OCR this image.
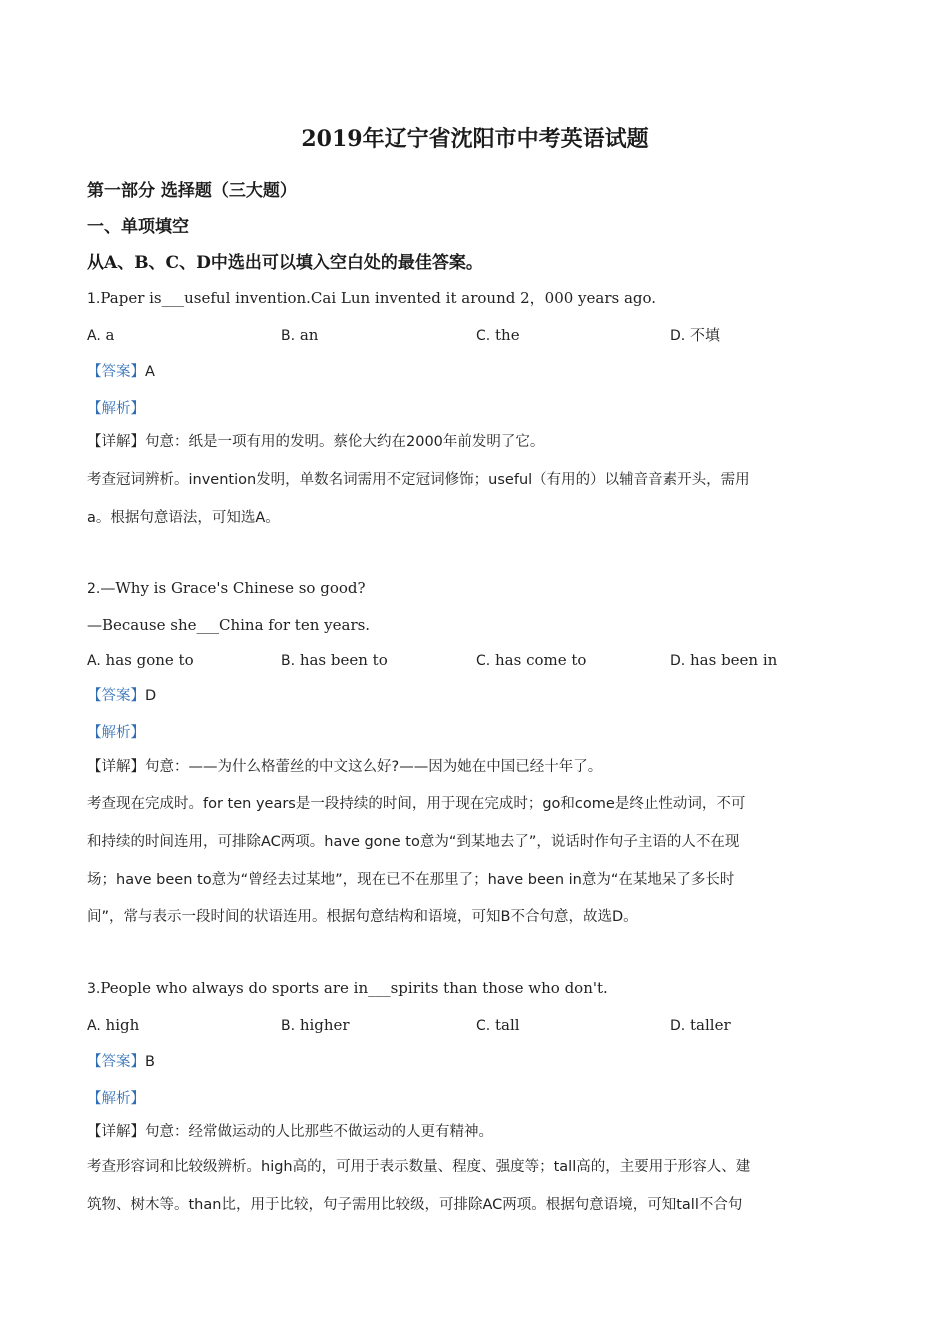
2019年辽宁省沈阳市中考英语试题
第一部分 选择题（三大题）
一、单项填空
从A、B、C、D中选出可以填入空白处的最佳答案。
1.Paper is___useful invention.Cai Lun invented it around 2，000 years ago.
A. a	B. an	C. the	D. 不填
【答案】A
【解析】
【详解】句意：纸是一项有用的发明。蔡伦大约在2000年前发明了它。
考查冠词辨析。invention发明，单数名词需用不定冠词修饰；useful（有用的）以辅音音素开头，需用
a。根据句意语法，可知选A。
2.—Why is Grace's Chinese so good?
—Because she___China for ten years.
A. has gone to	B. has been to	C. has come to	D. has been in
【答案】D
【解析】
【详解】句意：——为什么格蕾丝的中文这么好?——因为她在中国已经十年了。
考查现在完成时。for ten years是一段持续的时间，用于现在完成时；go和come是终止性动词，不可
和持续的时间连用，可排除AC两项。have gone to意为“到某地去了”，说话时作句子主语的人不在现
场；have been to意为“曾经去过某地”，现在已不在那里了；have been in意为“在某地呆了多长时
间”，常与表示一段时间的状语连用。根据句意结构和语境，可知B不合句意，故选D。
3.People who always do sports are in___spirits than those who don't.
A. high	B. higher	C. tall	D. taller
【答案】B
【解析】
【详解】句意：经常做运动的人比那些不做运动的人更有精神。
考查形容词和比较级辨析。high高的，可用于表示数量、程度、强度等；tall高的，主要用于形容人、建
筑物、树木等。than比，用于比较，句子需用比较级，可排除AC两项。根据句意语境，可知tall不合句
